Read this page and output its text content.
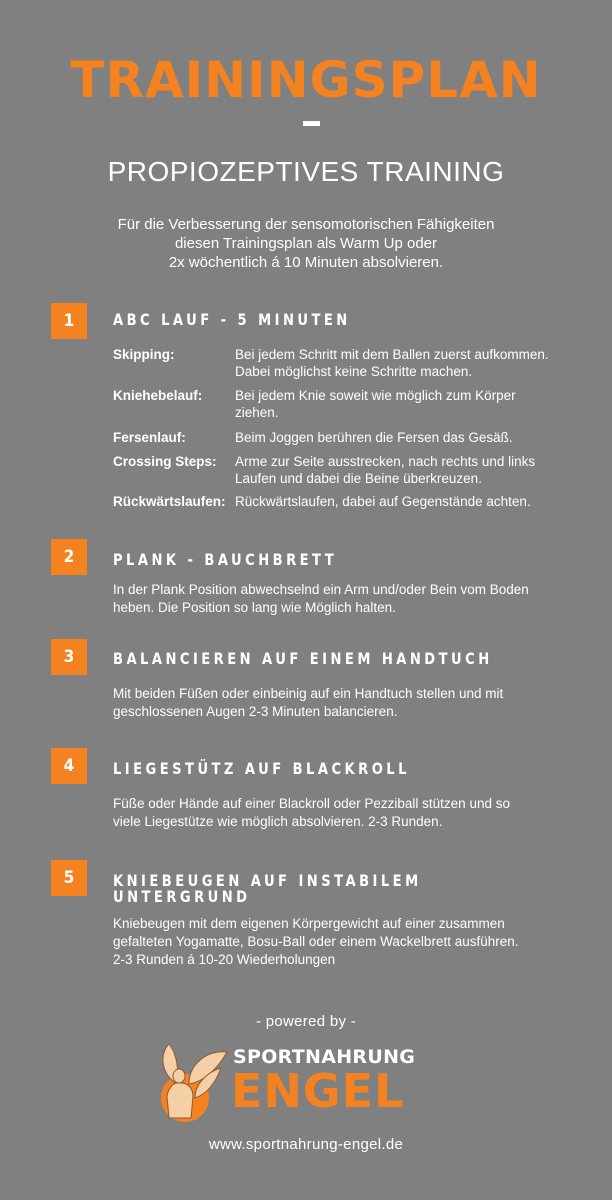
TRAININGSPLAN
PROPIOZEPTIVES TRAINING
Für die Verbesserung der sensomotorischen Fähigkeiten
diesen Trainingsplan als Warm Up oder
2x wöchentlich á 10 Minuten absolvieren.
1	ABC LAUF - 5 MINUTEN
Skipping:	Bei jedem Schritt mit dem Ballen zuerst aufkommen.
Dabei möglichst keine Schritte machen.
Kniehebelauf: Bei jedem Knie soweit wie möglich zum Körper
ziehen.
Fersenlauf:	Beim Joggen berühren die Fersen das Gesäß.
Crossing Steps: Arme zur Seite ausstrecken, nach rechts und links
Laufen und dabei die Beine überkreuzen.
Rückwärtslaufen: Rückwärtslaufen, dabei auf Gegenstände achten.
2	PLANK - BAUCHBRETT
In der Plank Position abwechselnd ein Arm und/oder Bein vom Boden
heben. Die Position so lang wie Möglich halten.
3	BALANCIEREN AUF EINEM HANDTUCH
Mit beiden Füßen oder einbeinig auf ein Handtuch stellen und mit
geschlossenen Augen 2-3 Minuten balancieren.
4	LIEGESTÜTZ AUF BLACKROLL
Füße oder Hände auf einer Blackroll oder Pezziball stützen und so
viele Liegestütze wie möglich absolvieren. 2-3 Runden.
5	KNIEBEUGEN AUF INSTABILEM
UNTERGRUND
Kniebeugen mit dem eigenen Körpergewicht auf einer zusammen
gefalteten Yogamatte, Bosu-Ball oder einem Wackelbrett ausführen.
2-3 Runden á 10-20 Wiederholungen
- powered by -
SPORTNAHRUNG
ENGEL
www.sportnahrung-engel.de
